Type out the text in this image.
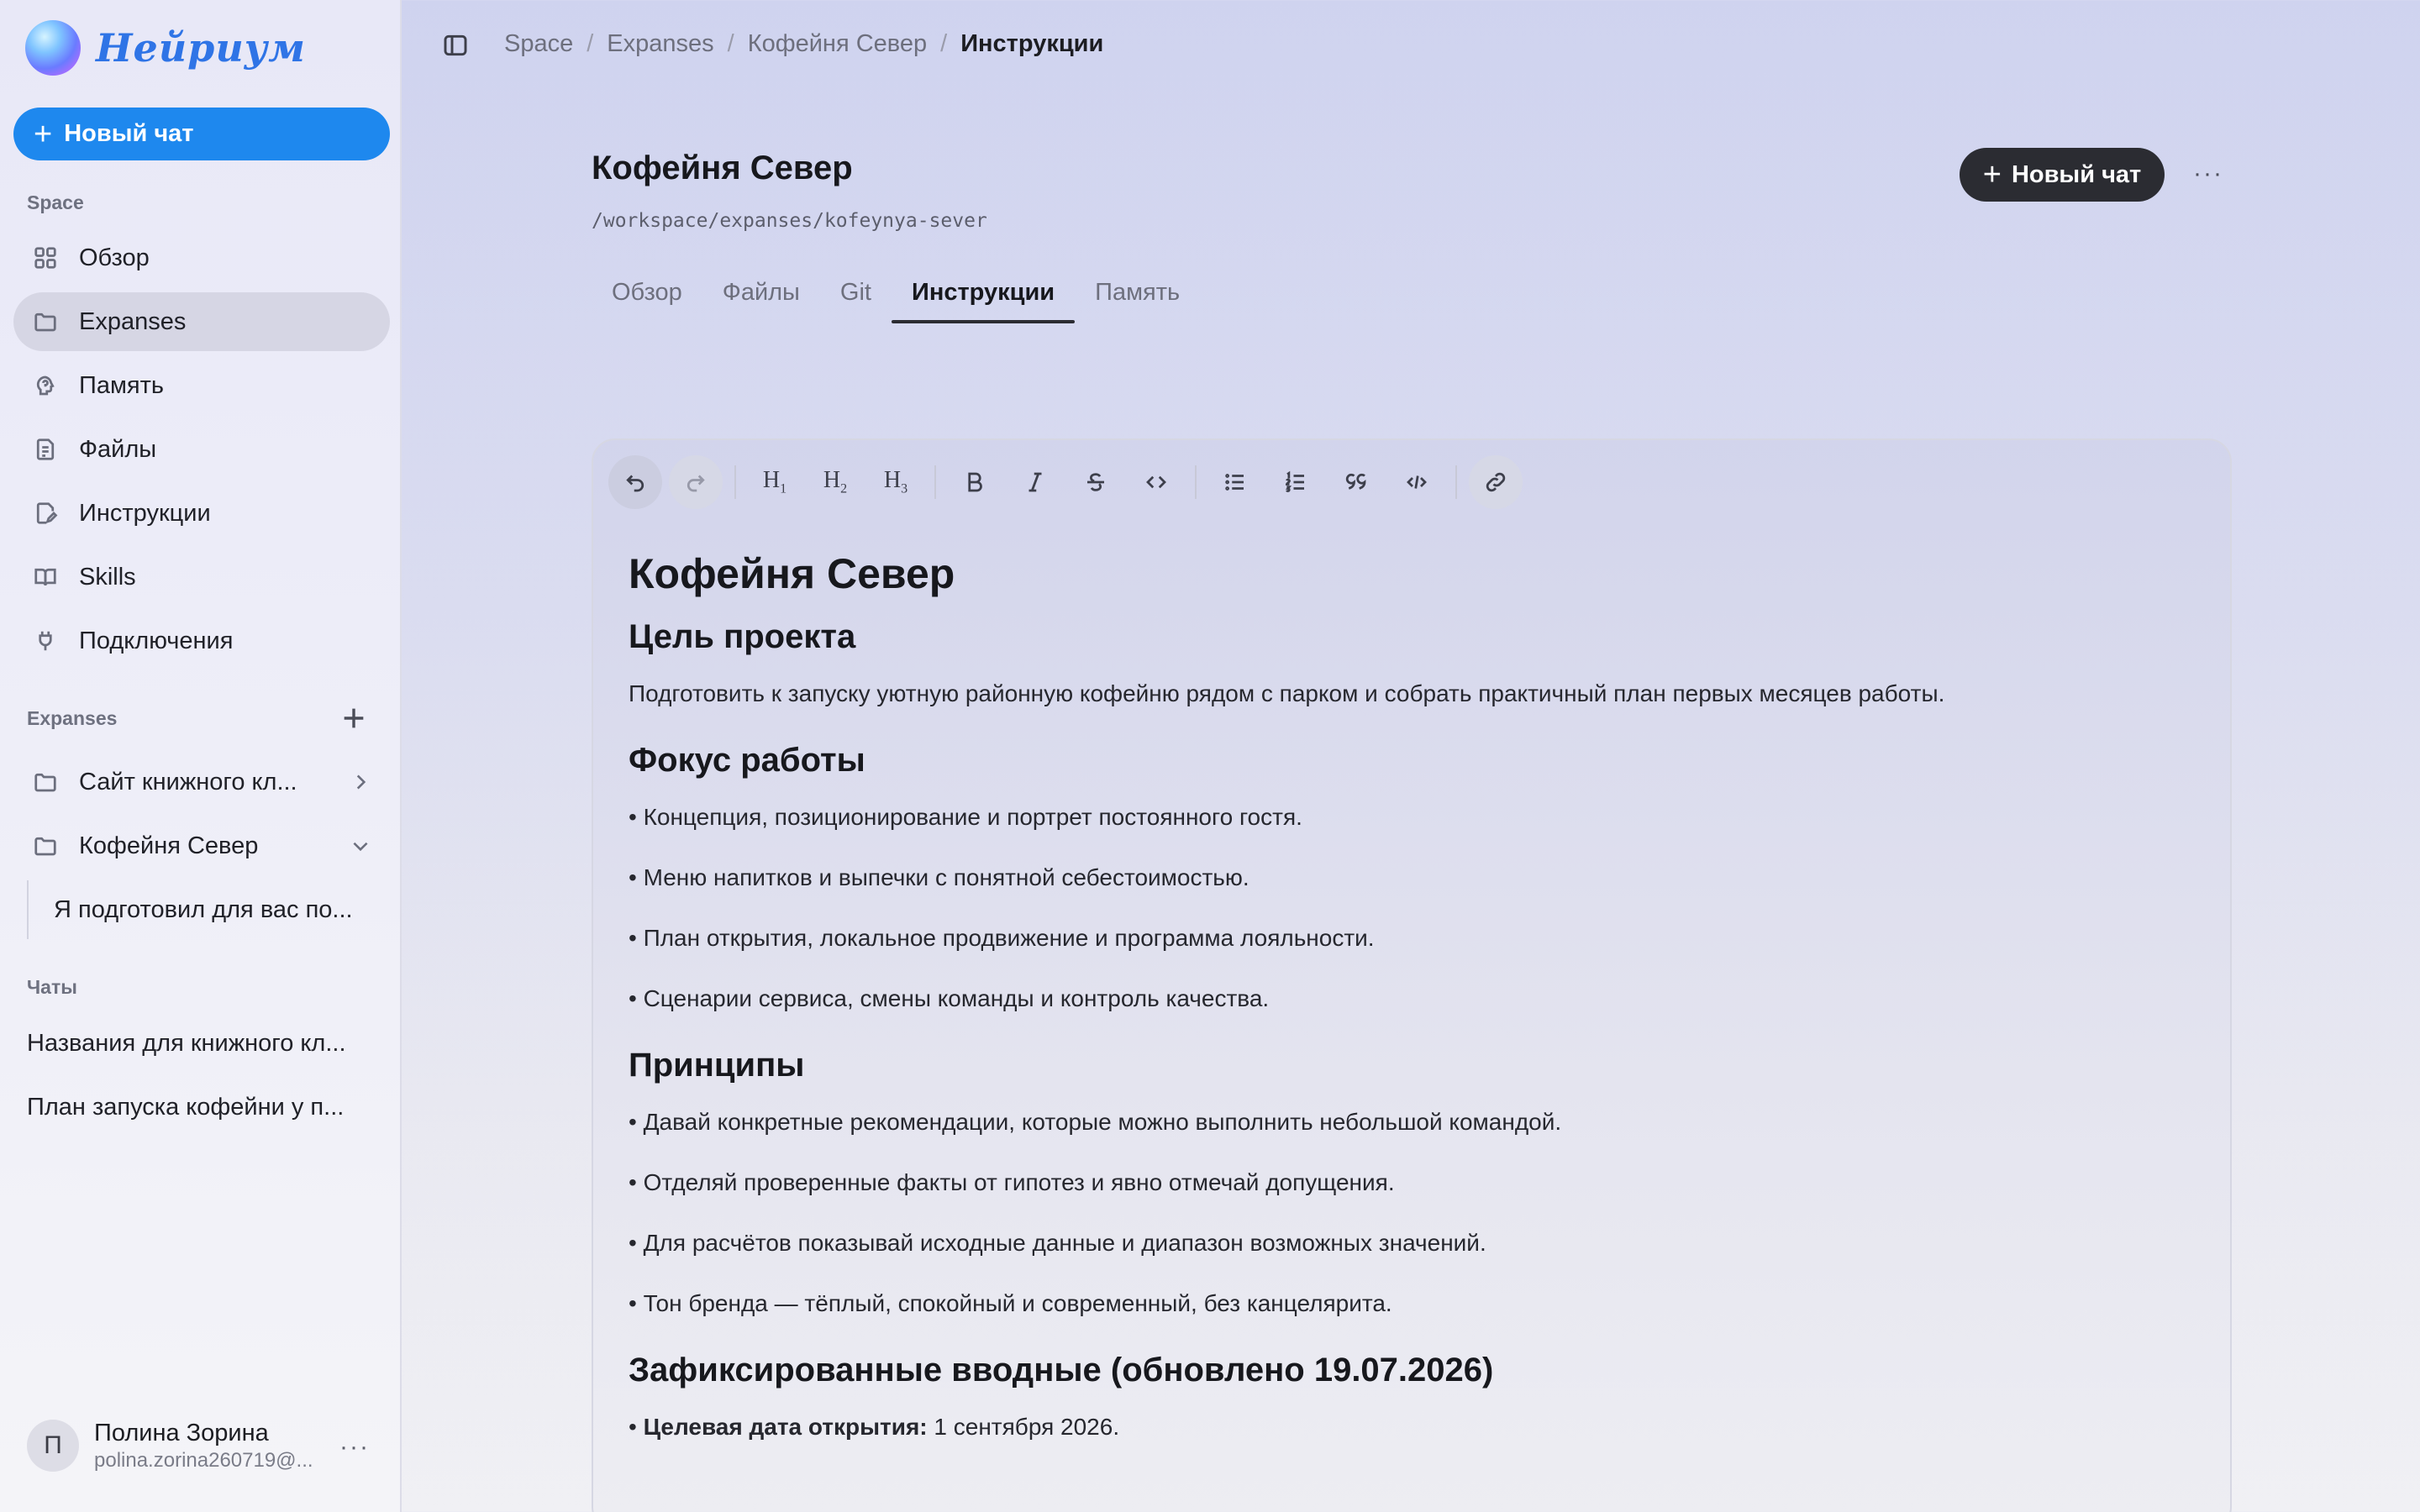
Нейриум
+ Новый чат
Space
Обзор
Expanses
Память
Файлы
Инструкции
Skills
Подключения
Expanses
Сайт книжного кл...
Кофейня Север
Я подготовил для вас по...
Чаты
Названия для книжного кл...
План запуска кофейни у п...
П	Полина Зорина
polina.zorina260719@... ···
Space / Expanses / Кофейня Север / Инструкции
Кофейня Север
/workspace/expanses/kofeynya-sever
+ Новый чат ···
Обзор	Файлы	Git	Инструкции	Память
$H_1$ $H_2$ $H_3$
Кофейня Север
Цель проекта

Подготовить к запуску уютную районную кофейню рядом с парком и собрать практичный план первых месяцев работы.

Фокус работы

• Концепция, позиционирование и портрет постоянного гостя.

• Меню напитков и выпечки с понятной себестоимостью.

• План открытия, локальное продвижение и программа лояльности.

• Сценарии сервиса, смены команды и контроль качества.

Принципы

• Давай конкретные рекомендации, которые можно выполнить небольшой командой.

• Отделяй проверенные факты от гипотез и явно отмечай допущения.

• Для расчётов показывай исходные данные и диапазон возможных значений.

• Тон бренда — тёплый, спокойный и современный, без канцелярита.

Зафиксированные вводные (обновлено 19.07.2026)

• Целевая дата открытия: 1 сентября 2026.
